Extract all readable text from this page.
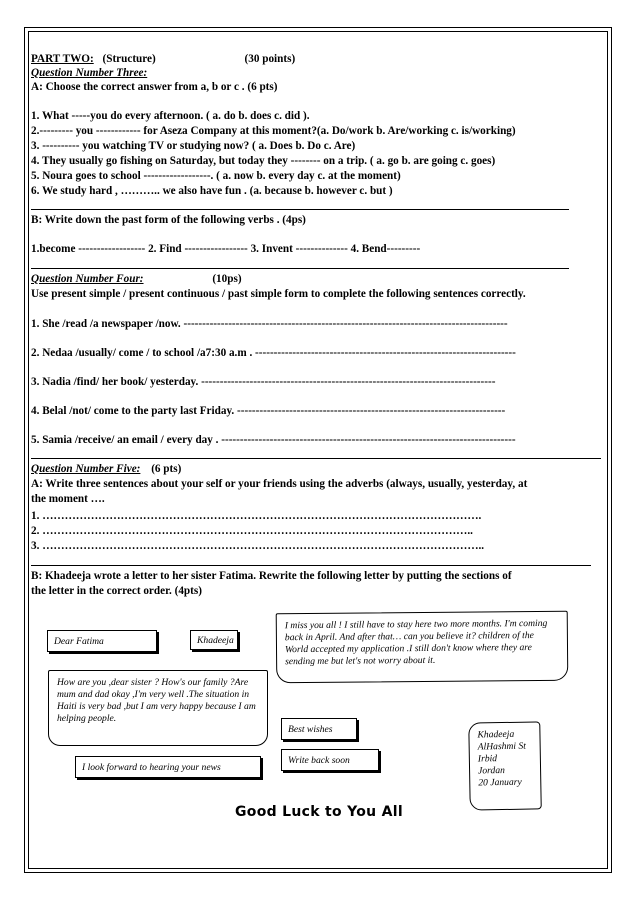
PART TWO: (Structure)	(30 points)
Question Number Three:
A: Choose the correct answer from a, b or c . (6 pts)
1. What -----you do every afternoon. ( a. do b. does c. did ).
2.--------- you ------------ for Aseza Company at this moment?(a. Do/work b. Are/working c. is/working)
3. ---------- you watching TV or studying now? ( a. Does b. Do c. Are)
4. They usually go fishing on Saturday, but today they -------- on a trip. ( a. go b. are going c. goes)
5. Noura goes to school ------------------. ( a. now b. every day c. at the moment)
6. We study hard , ……….. we also have fun . (a. because b. however c. but )
B: Write down the past form of the following verbs . (4ps)
1.become ------------------ 2. Find ----------------- 3. Invent -------------- 4. Bend---------
Question Number Four:	(10ps)
Use present simple / present continuous / past simple form to complete the following sentences correctly.
1. She /read /a newspaper /now. ---------------------------------------------------------------------------------------
2. Nedaa /usually/ come / to school /a7:30 a.m . ----------------------------------------------------------------------
3. Nadia /find/ her book/ yesterday. -------------------------------------------------------------------------------
4. Belal /not/ come to the party last Friday. ------------------------------------------------------------------------
5. Samia /receive/ an email / every day . -------------------------------------------------------------------------------
Question Number Five: (6 pts)
A: Write three sentences about your self or your friends using the adverbs (always, usually, yesterday, at
the moment ….
1. ……………………………………………………………………………………………………….
2. ……………………………………………………………………………………………………..
3. ………………………………………………………………………………………………………..
B: Khadeeja wrote a letter to her sister Fatima. Rewrite the following letter by putting the sections of
the letter in the correct order. (4pts)
Dear Fatima	Khadeeja
I miss you all ! I still have to stay here two more months. I'm coming back in April. And after that… can you believe it? children of the World accepted my application .I still don't know where they are sending me but let's not worry about it.
How are you ,dear sister ? How's our family ?Are mum and dad okay ,I'm very well .The situation in Haiti is very bad ,but I am very happy because I am helping people.
Best wishes
Write back soon
I look forward to hearing your news
Khadeeja
AlHashmi St
Irbid
Jordan
20 January
Good Luck to You All
